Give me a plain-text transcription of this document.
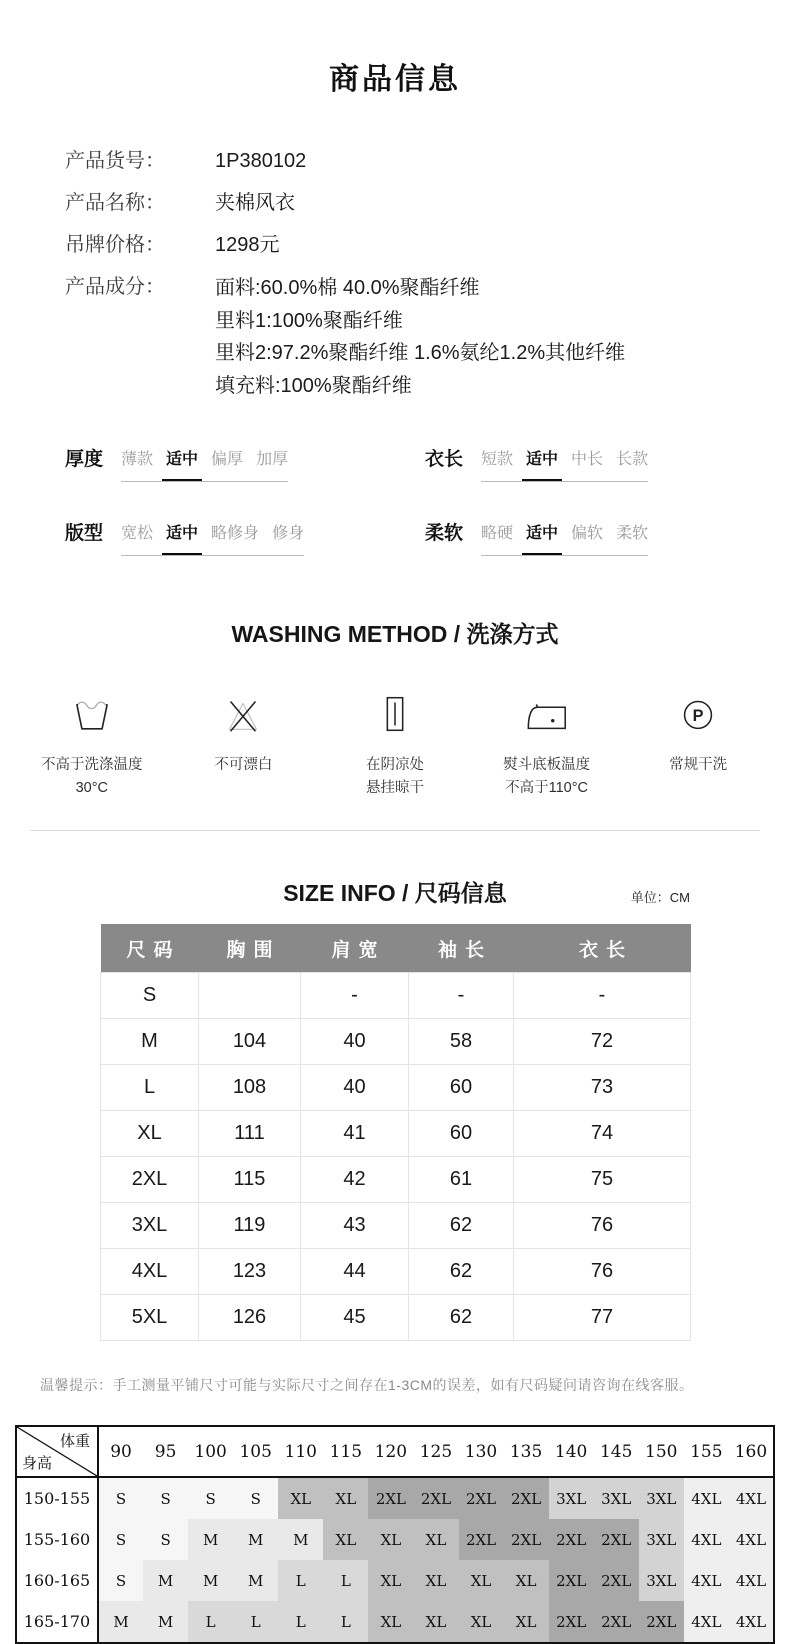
商品信息
产品货号：	1P380102
产品名称：	夹棉风衣
吊牌价格：	1298元
产品成分：	面料:60.0%棉 40.0%聚酯纤维
里料1:100%聚酯纤维
里料2:97.2%聚酯纤维 1.6%氨纶1.2%其他纤维
填充料:100%聚酯纤维
厚度 薄款 适中 偏厚 加厚	衣长 短款 适中 中长 长款
版型 宽松 适中 略修身 修身	柔软 略硬 适中 偏软 柔软
WASHING METHOD / 洗涤方式
不高于洗涤温度
30°C
不可漂白	在阴凉处
悬挂晾干
熨斗底板温度
不高于110°C
P
常规干洗
SIZE INFO / 尺码信息	单位：CM
尺码	胸围	肩宽	袖长	衣长
S		-	-	-
M	104	40	58	72
L	108	40	60	73
XL	111	41	60	74
2XL	115	42	61	75
3XL	119	43	62	76
4XL	123	44	62	76
5XL	126	45	62	77
温馨提示：手工测量平铺尺寸可能与实际尺寸之间存在1-3CM的误差，如有尺码疑问请咨询在线客服。
体重
身高	90	95	100	105	110	115	120	125	130	135	140	145	150	155	160
150-155	S	S	S	S	XL	XL	2XL	2XL	2XL	2XL	3XL	3XL	3XL	4XL	4XL
155-160	S	S	M	M	M	XL	XL	XL	2XL	2XL	2XL	2XL	3XL	4XL	4XL
160-165	S	M	M	M	L	L	XL	XL	XL	XL	2XL	2XL	3XL	4XL	4XL
165-170	M	M	L	L	L	L	XL	XL	XL	XL	2XL	2XL	2XL	4XL	4XL
